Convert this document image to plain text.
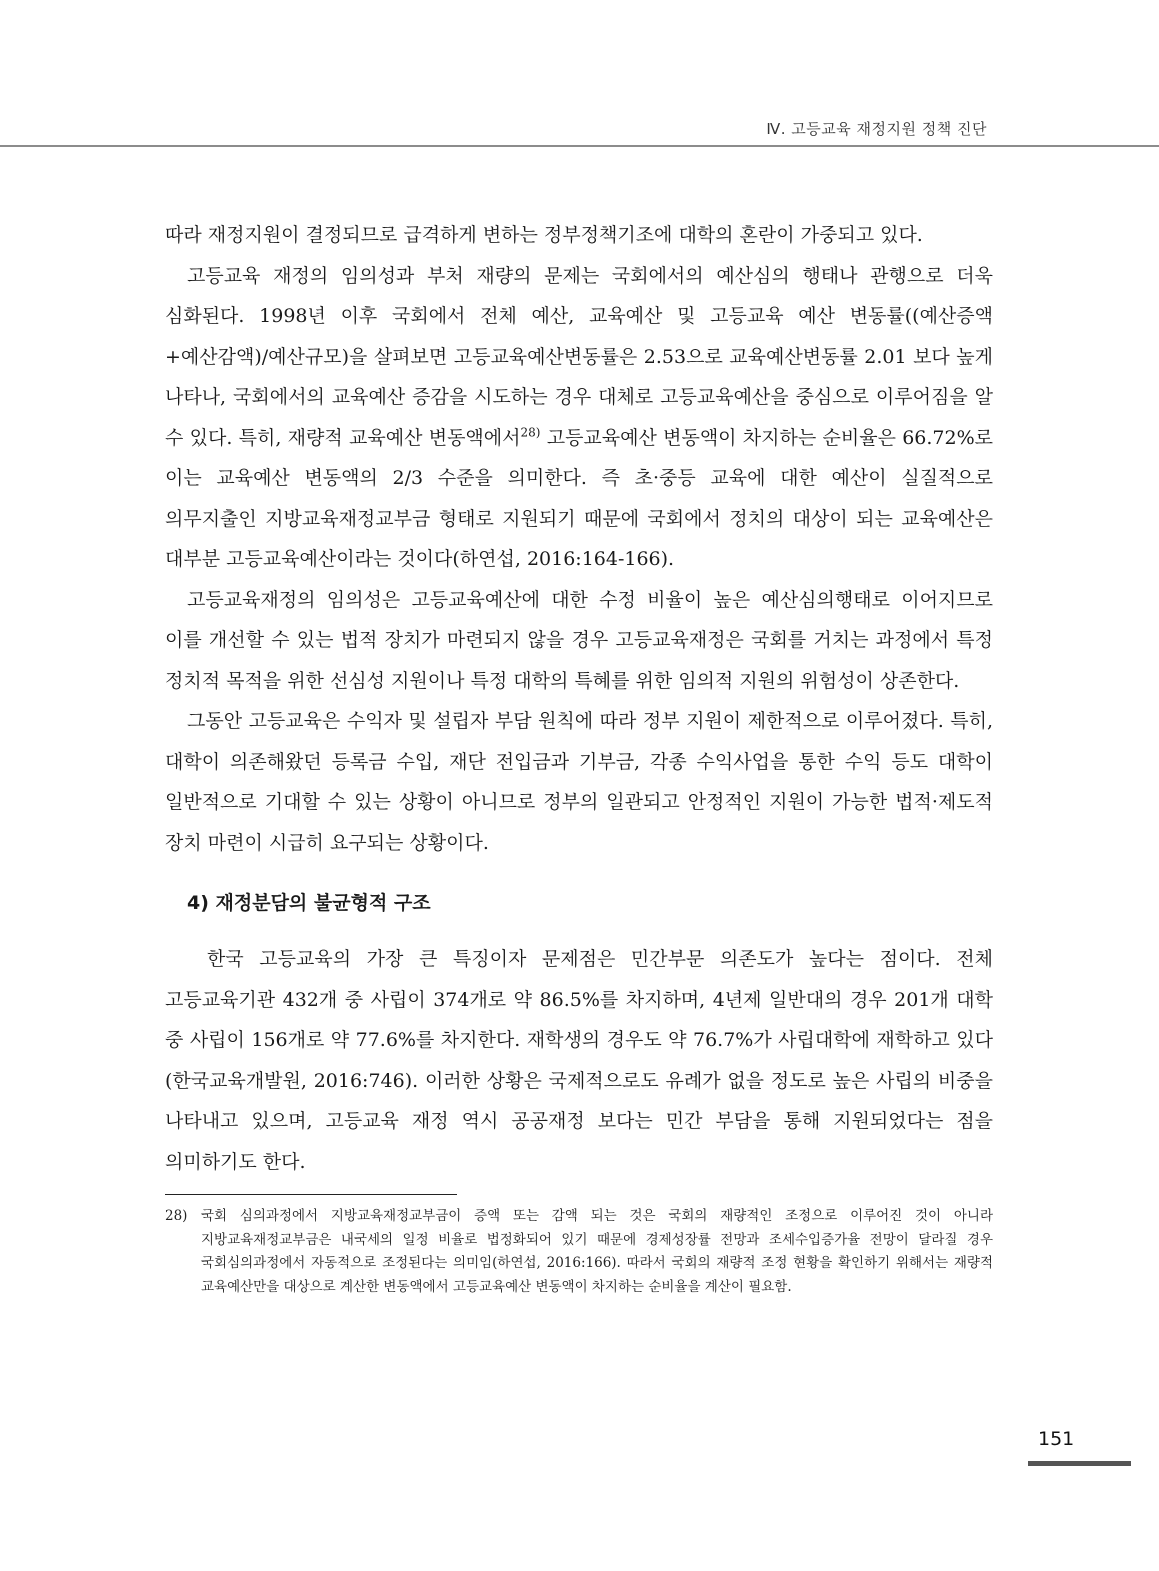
Ⅳ. 고등교육 재정지원 정책 진단

따라 재정지원이 결정되므로 급격하게 변하는 정부정책기조에 대학의 혼란이 가중되고 있다.

고등교육 재정의 임의성과 부처 재량의 문제는 국회에서의 예산심의 행태나 관행으로 더욱 심화된다. 1998년 이후 국회에서 전체 예산, 교육예산 및 고등교육 예산 변동률((예산증액+예산감액)/예산규모)을 살펴보면 고등교육예산변동률은 2.53으로 교육예산변동률 2.01 보다 높게 나타나, 국회에서의 교육예산 증감을 시도하는 경우 대체로 고등교육예산을 중심으로 이루어짐을 알 수 있다. 특히, 재량적 교육예산 변동액에서$^{28)}$ 고등교육예산 변동액이 차지하는 순비율은 66.72%로 이는 교육예산 변동액의 2/3 수준을 의미한다. 즉 초·중등 교육에 대한 예산이 실질적으로 의무지출인 지방교육재정교부금 형태로 지원되기 때문에 국회에서 정치의 대상이 되는 교육예산은 대부분 고등교육예산이라는 것이다(하연섭, 2016:164-166).

고등교육재정의 임의성은 고등교육예산에 대한 수정 비율이 높은 예산심의행태로 이어지므로 이를 개선할 수 있는 법적 장치가 마련되지 않을 경우 고등교육재정은 국회를 거치는 과정에서 특정 정치적 목적을 위한 선심성 지원이나 특정 대학의 특혜를 위한 임의적 지원의 위험성이 상존한다.

그동안 고등교육은 수익자 및 설립자 부담 원칙에 따라 정부 지원이 제한적으로 이루어졌다. 특히, 대학이 의존해왔던 등록금 수입, 재단 전입금과 기부금, 각종 수익사업을 통한 수익 등도 대학이 일반적으로 기대할 수 있는 상황이 아니므로 정부의 일관되고 안정적인 지원이 가능한 법적·제도적 장치 마련이 시급히 요구되는 상황이다.

4) 재정분담의 불균형적 구조

한국 고등교육의 가장 큰 특징이자 문제점은 민간부문 의존도가 높다는 점이다. 전체 고등교육기관 432개 중 사립이 374개로 약 86.5%를 차지하며, 4년제 일반대의 경우 201개 대학 중 사립이 156개로 약 77.6%를 차지한다. 재학생의 경우도 약 76.7%가 사립대학에 재학하고 있다(한국교육개발원, 2016:746). 이러한 상황은 국제적으로도 유례가 없을 정도로 높은 사립의 비중을 나타내고 있으며, 고등교육 재정 역시 공공재정 보다는 민간 부담을 통해 지원되었다는 점을 의미하기도 한다.

28)	국회 심의과정에서 지방교육재정교부금이 증액 또는 감액 되는 것은 국회의 재량적인 조정으로 이루어진 것이 아니라 지방교육재정교부금은 내국세의 일정 비율로 법정화되어 있기 때문에 경제성장률 전망과 조세수입증가율 전망이 달라질 경우 국회심의과정에서 자동적으로 조정된다는 의미임(하연섭, 2016:166). 따라서 국회의 재량적 조정 현황을 확인하기 위해서는 재량적 교육예산만을 대상으로 계산한 변동액에서 고등교육예산 변동액이 차지하는 순비율을 계산이 필요함.
151
